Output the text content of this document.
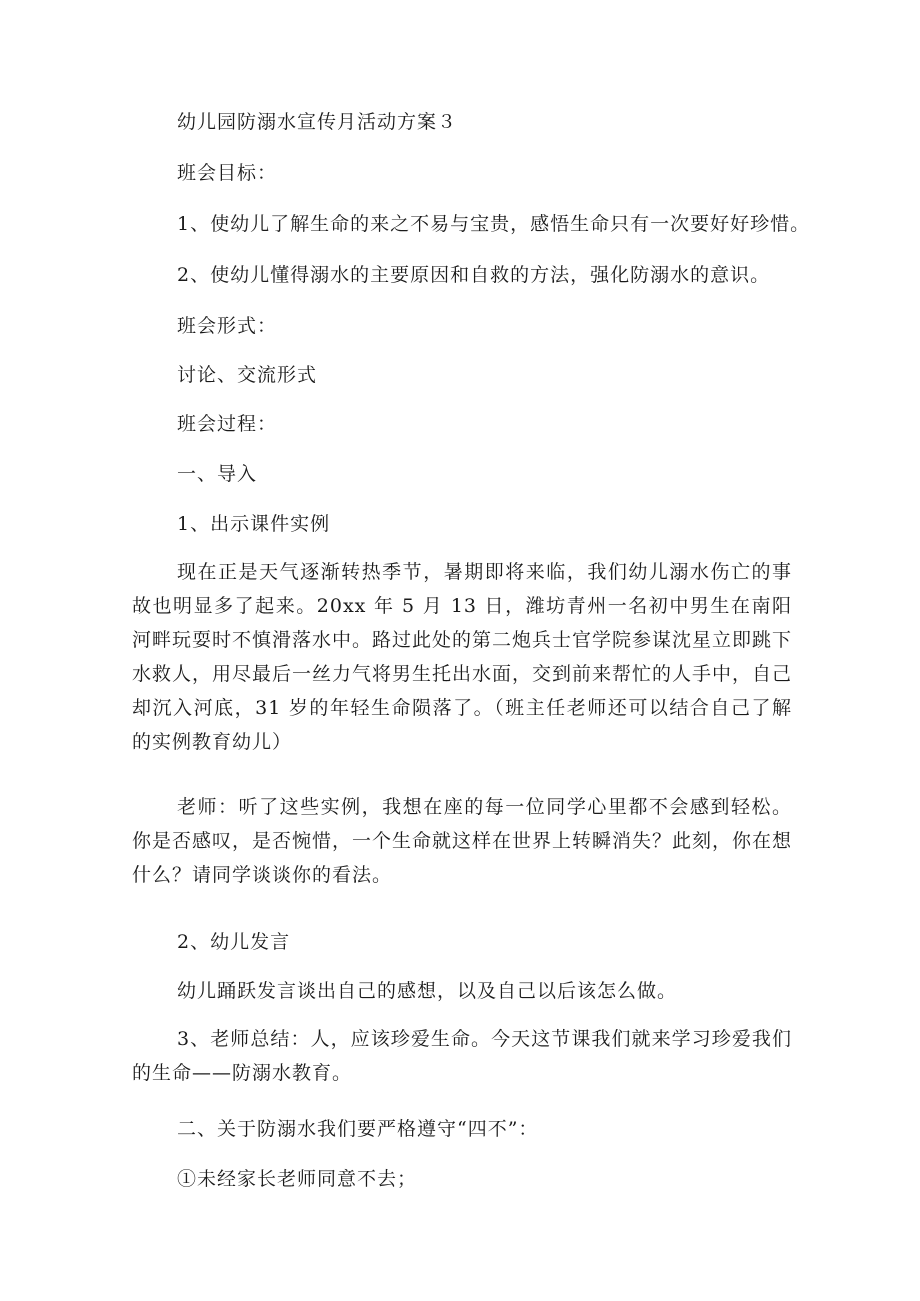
幼儿园防溺水宣传月活动方案３
班会目标：
1、使幼儿了解生命的来之不易与宝贵，感悟生命只有一次要好好珍惜。
2、使幼儿懂得溺水的主要原因和自救的方法，强化防溺水的意识。
班会形式：
讨论、交流形式
班会过程：
一、导入
1、出示课件实例
现在正是天气逐渐转热季节，暑期即将来临，我们幼儿溺水伤亡的事故也明显多了起来。20xx 年 5 月 13 日，潍坊青州一名初中男生在南阳河畔玩耍时不慎滑落水中。路过此处的第二炮兵士官学院参谋沈星立即跳下水救人，用尽最后一丝力气将男生托出水面，交到前来帮忙的人手中，自己却沉入河底，31 岁的年轻生命陨落了。（班主任老师还可以结合自己了解的实例教育幼儿）
老师：听了这些实例，我想在座的每一位同学心里都不会感到轻松。你是否感叹，是否惋惜，一个生命就这样在世界上转瞬消失？此刻，你在想什么？请同学谈谈你的看法。
2、幼儿发言
幼儿踊跃发言谈出自己的感想，以及自己以后该怎么做。
3、老师总结：人，应该珍爱生命。今天这节课我们就来学习珍爱我们的生命——防溺水教育。
二、关于防溺水我们要严格遵守“四不”：
①未经家长老师同意不去；
